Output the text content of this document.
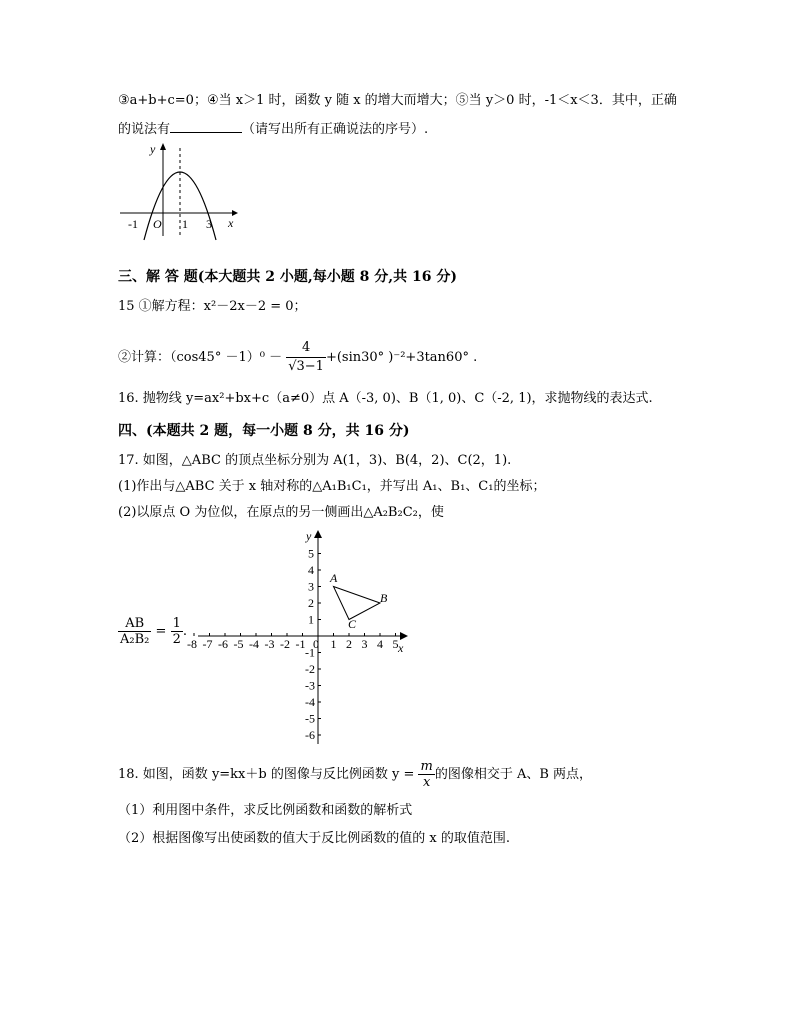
③a+b+c=0；④当 x＞1 时，函数 y 随 x 的增大而增大；⑤当 y＞0 时，-1＜x＜3．其中，正确
的说法有	（请写出所有正确说法的序号）.
y
x
O
-1	1 3
三、解 答 题(本大题共 2 小题,每小题 8 分,共 16 分)
15 ①解方程：x²－2x－2 = 0；
②计算：$(\cos 45^\circ -1)^0 - \frac{4}{√3-1} +(\sin 30^\circ$ )⁻²+3tan60° .
16. 抛物线 y=ax²+bx+c（a≠0）点 A（-3, 0)、B（1, 0)、C（-2, 1)，求抛物线的表达式.
四、(本题共 2 题，每一小题 8 分，共 16 分)
17. 如图，△ABC 的顶点坐标分别为 A(1，3)、B(4，2)、C(2，1).
(1)作出与△ABC 关于 x 轴对称的△A₁B₁C₁，并写出 A₁、B₁、C₁的坐标；
(2)以原点 O 为位似，在原点的另一侧画出△A₂B₂C₂，使
$\frac{AB}{\text{A₂B₂}} = \frac{1}{2}$ .
-8 -7 -6 -5 -4 -3 -2 -1 1 2 3 4 5
5
4
3
2
1
-1
-2
-3
-4
-5
-6
y
x
0
A
B
C
18. 如图，函数 y=kx＋b 的图像与反比例函数 $y = \frac{m}{x}$ 的图像相交于 A、B 两点，
（1）利用图中条件，求反比例函数和函数的解析式
（2）根据图像写出使函数的值大于反比例函数的值的 x 的取值范围.
